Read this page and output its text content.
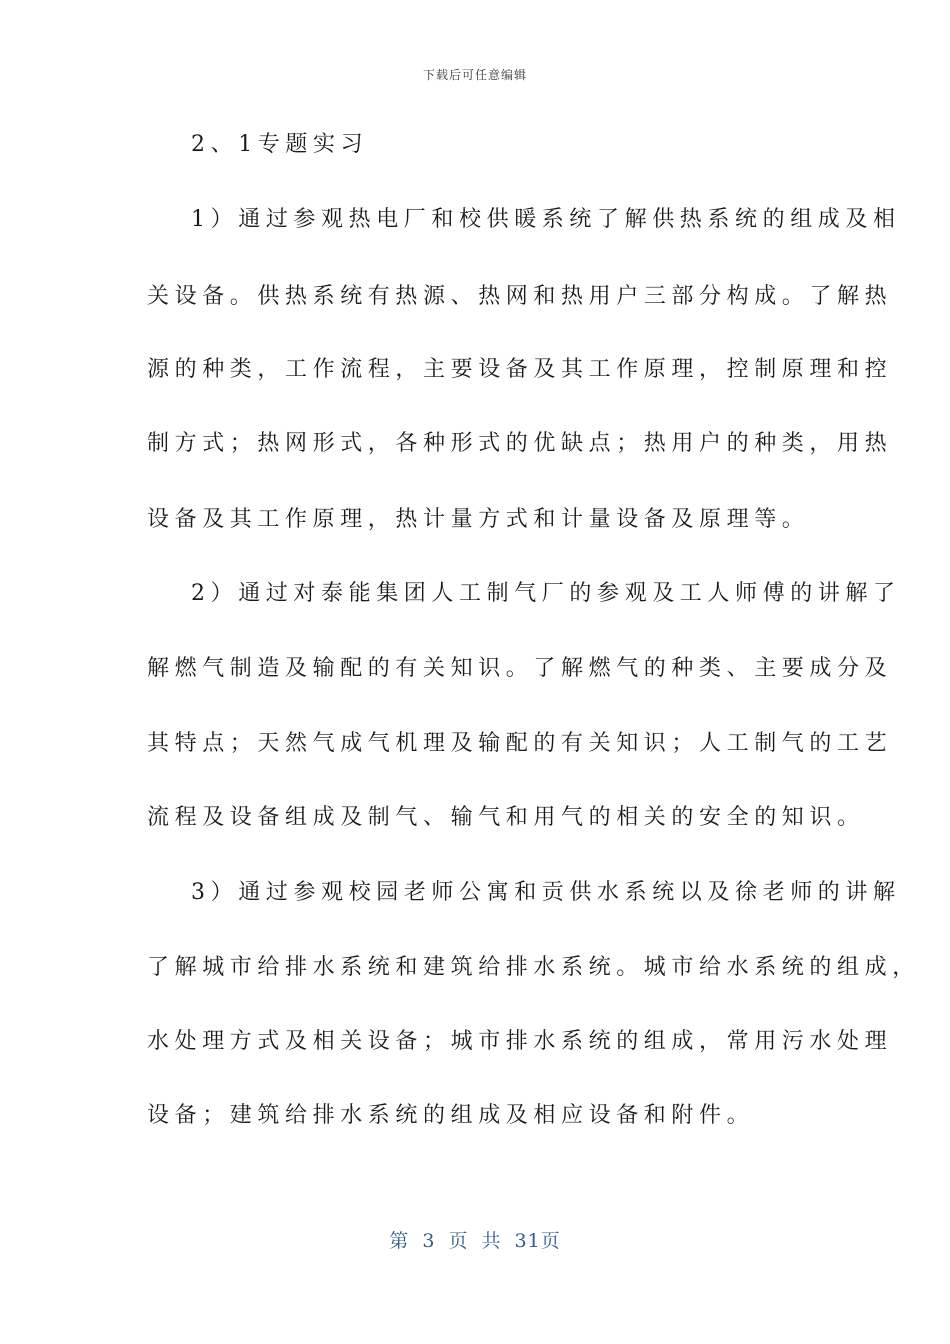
下载后可任意编辑
2、1专题实习
1）通过参观热电厂和校供暖系统了解供热系统的组成及相
关设备。供热系统有热源、热网和热用户三部分构成。了解热
源的种类，工作流程，主要设备及其工作原理，控制原理和控
制方式；热网形式，各种形式的优缺点；热用户的种类，用热
设备及其工作原理，热计量方式和计量设备及原理等。
2）通过对泰能集团人工制气厂的参观及工人师傅的讲解了
解燃气制造及输配的有关知识。了解燃气的种类、主要成分及
其特点；天然气成气机理及输配的有关知识；人工制气的工艺
流程及设备组成及制气、输气和用气的相关的安全的知识。
3）通过参观校园老师公寓和贡供水系统以及徐老师的讲解
了解城市给排水系统和建筑给排水系统。城市给水系统的组成，
水处理方式及相关设备；城市排水系统的组成，常用污水处理
设备；建筑给排水系统的组成及相应设备和附件。
第 3 页 共 31页
